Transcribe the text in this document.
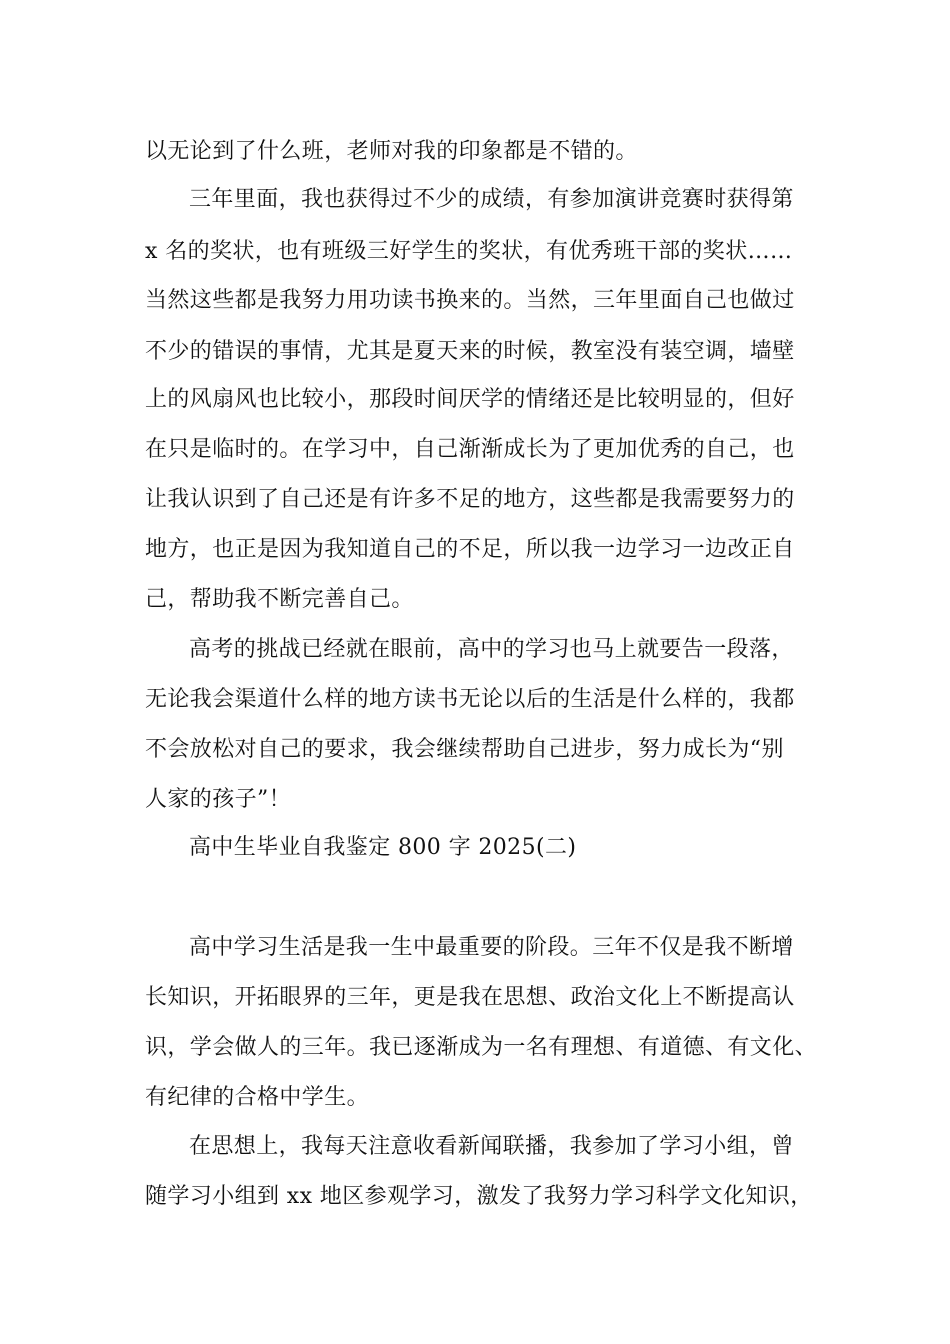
以无论到了什么班，老师对我的印象都是不错的。
三年里面，我也获得过不少的成绩，有参加演讲竞赛时获得第
x 名的奖状，也有班级三好学生的奖状，有优秀班干部的奖状……
当然这些都是我努力用功读书换来的。当然，三年里面自己也做过
不少的错误的事情，尤其是夏天来的时候，教室没有装空调，墙壁
上的风扇风也比较小，那段时间厌学的情绪还是比较明显的，但好
在只是临时的。在学习中，自己渐渐成长为了更加优秀的自己，也
让我认识到了自己还是有许多不足的地方，这些都是我需要努力的
地方，也正是因为我知道自己的不足，所以我一边学习一边改正自
己，帮助我不断完善自己。
高考的挑战已经就在眼前，高中的学习也马上就要告一段落，
无论我会渠道什么样的地方读书无论以后的生活是什么样的，我都
不会放松对自己的要求，我会继续帮助自己进步，努力成长为“别
人家的孩子”！
高中生毕业自我鉴定 800 字 2025(二)
高中学习生活是我一生中最重要的阶段。三年不仅是我不断增
长知识，开拓眼界的三年，更是我在思想、政治文化上不断提高认
识，学会做人的三年。我已逐渐成为一名有理想、有道德、有文化、
有纪律的合格中学生。
在思想上，我每天注意收看新闻联播，我参加了学习小组，曾
随学习小组到 xx 地区参观学习，激发了我努力学习科学文化知识，
